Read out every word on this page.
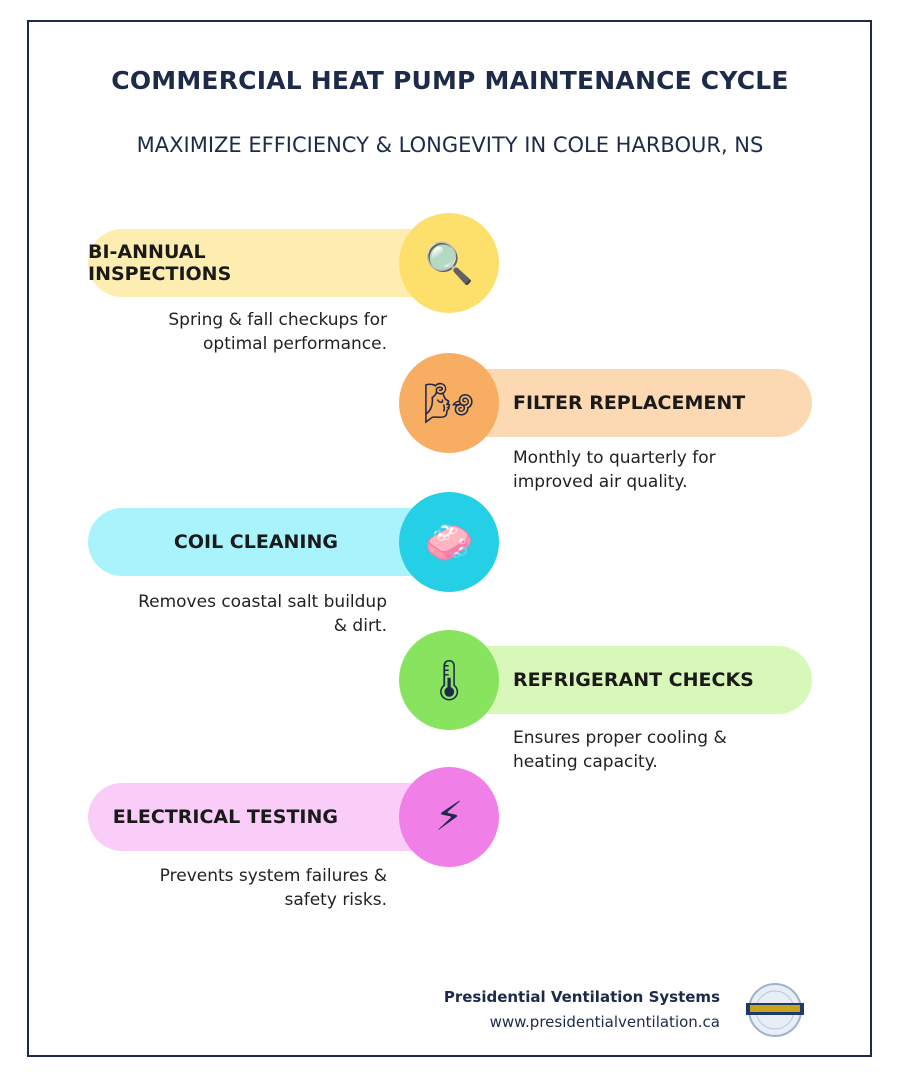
COMMERCIAL HEAT PUMP MAINTENANCE CYCLE
MAXIMIZE EFFICIENCY & LONGEVITY IN COLE HARBOUR, NS
BI-ANNUAL INSPECTIONS	🔍
Spring & fall checkups for
optimal performance.
FILTER REPLACEMENT
🌬
Monthly to quarterly for
improved air quality.
COIL CLEANING	🧼
Removes coastal salt buildup
& dirt.
REFRIGERANT CHECKS
🌡
Ensures proper cooling &
heating capacity.
ELECTRICAL TESTING	⚡
Prevents system failures &
safety risks.
Presidential Ventilation Systems
www.presidentialventilation.ca
